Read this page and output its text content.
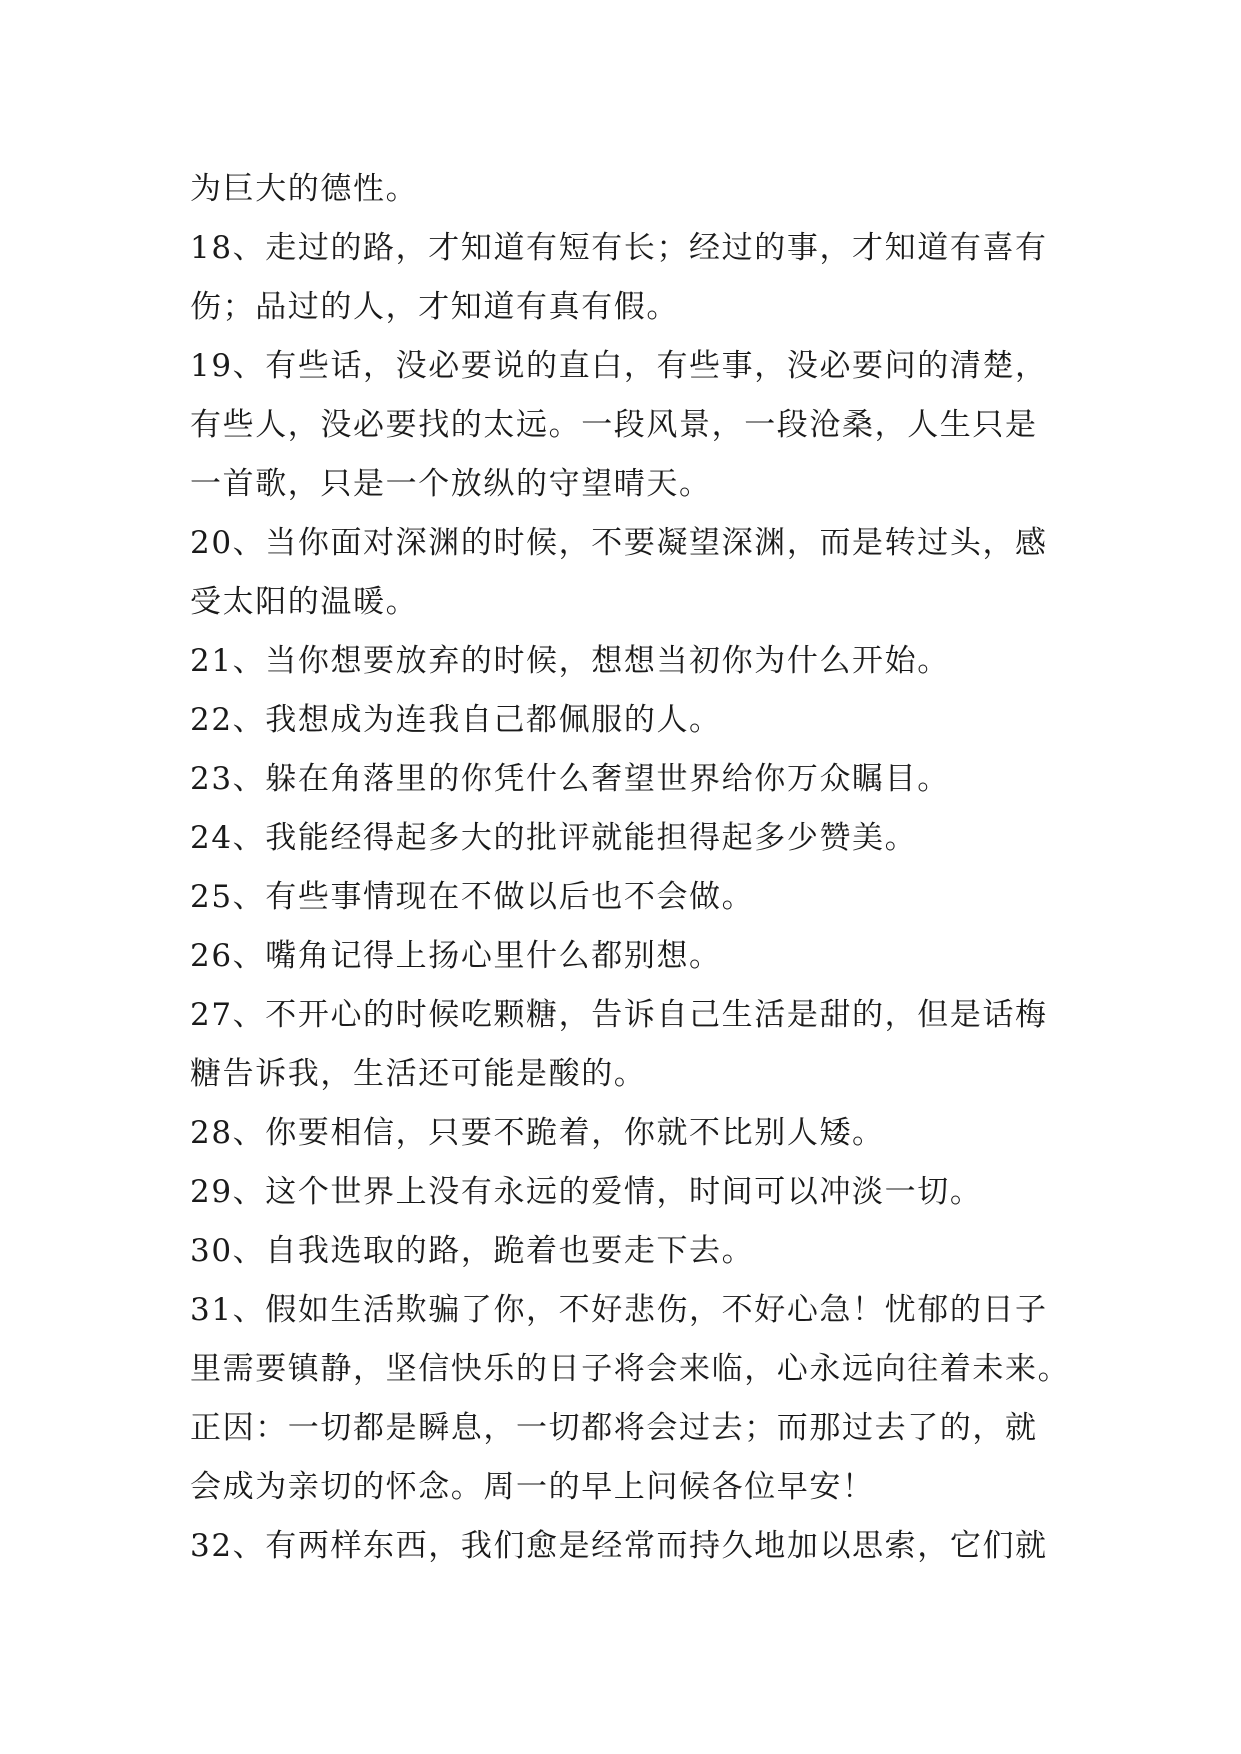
为巨大的德性。

18、走过的路，才知道有短有长；经过的事，才知道有喜有

伤；品过的人，才知道有真有假。

19、有些话，没必要说的直白，有些事，没必要问的清楚，

有些人，没必要找的太远。一段风景，一段沧桑，人生只是

一首歌，只是一个放纵的守望晴天。

20、当你面对深渊的时候，不要凝望深渊，而是转过头，感

受太阳的温暖。

21、当你想要放弃的时候，想想当初你为什么开始。

22、我想成为连我自己都佩服的人。

23、躲在角落里的你凭什么奢望世界给你万众瞩目。

24、我能经得起多大的批评就能担得起多少赞美。

25、有些事情现在不做以后也不会做。

26、嘴角记得上扬心里什么都别想。

27、不开心的时候吃颗糖，告诉自己生活是甜的，但是话梅

糖告诉我，生活还可能是酸的。

28、你要相信，只要不跪着，你就不比别人矮。

29、这个世界上没有永远的爱情，时间可以冲淡一切。

30、自我选取的路，跪着也要走下去。

31、假如生活欺骗了你，不好悲伤，不好心急！忧郁的日子

里需要镇静，坚信快乐的日子将会来临，心永远向往着未来。

正因：一切都是瞬息，一切都将会过去；而那过去了的，就

会成为亲切的怀念。周一的早上问候各位早安！

32、有两样东西，我们愈是经常而持久地加以思索，它们就
